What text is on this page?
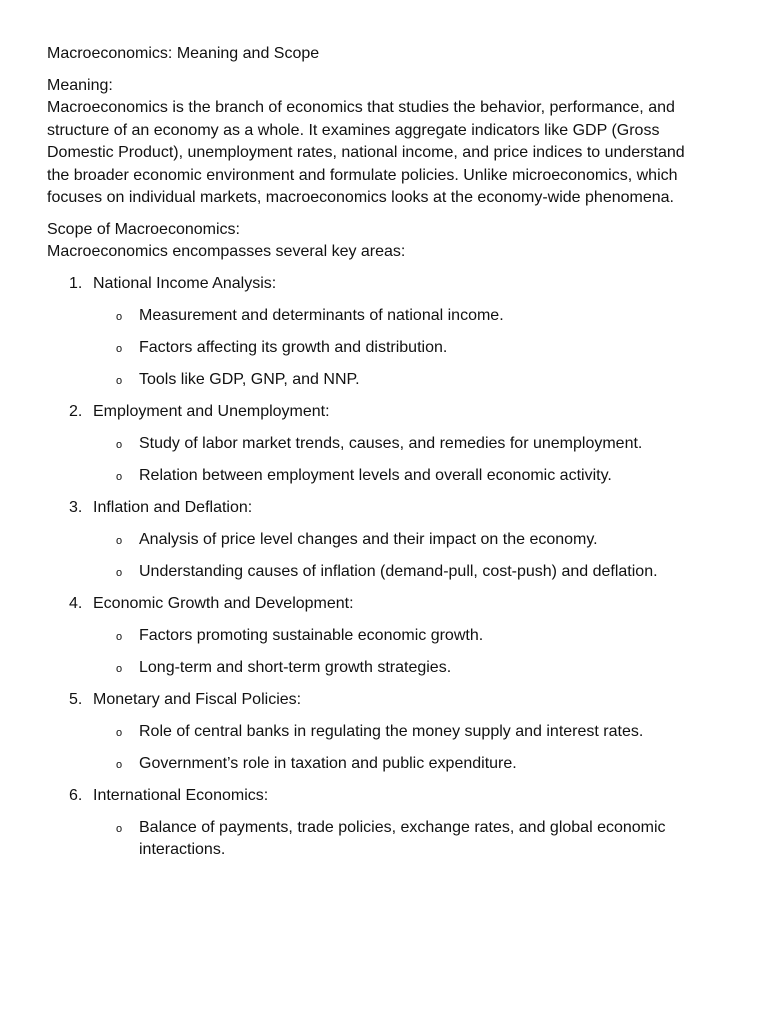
Macroeconomics: Meaning and Scope
Meaning:
Macroeconomics is the branch of economics that studies the behavior, performance, and
structure of an economy as a whole. It examines aggregate indicators like GDP (Gross
Domestic Product), unemployment rates, national income, and price indices to understand
the broader economic environment and formulate policies. Unlike microeconomics, which
focuses on individual markets, macroeconomics looks at the economy-wide phenomena.
Scope of Macroeconomics:
Macroeconomics encompasses several key areas:
1. National Income Analysis:
o Measurement and determinants of national income.
o Factors affecting its growth and distribution.
o Tools like GDP, GNP, and NNP.
2. Employment and Unemployment:
o Study of labor market trends, causes, and remedies for unemployment.
o Relation between employment levels and overall economic activity.
3. Inflation and Deflation:
o Analysis of price level changes and their impact on the economy.
o Understanding causes of inflation (demand-pull, cost-push) and deflation.
4. Economic Growth and Development:
o Factors promoting sustainable economic growth.
o Long-term and short-term growth strategies.
5. Monetary and Fiscal Policies:
o Role of central banks in regulating the money supply and interest rates.
o Government’s role in taxation and public expenditure.
6. International Economics:
o Balance of payments, trade policies, exchange rates, and global economic interactions.
